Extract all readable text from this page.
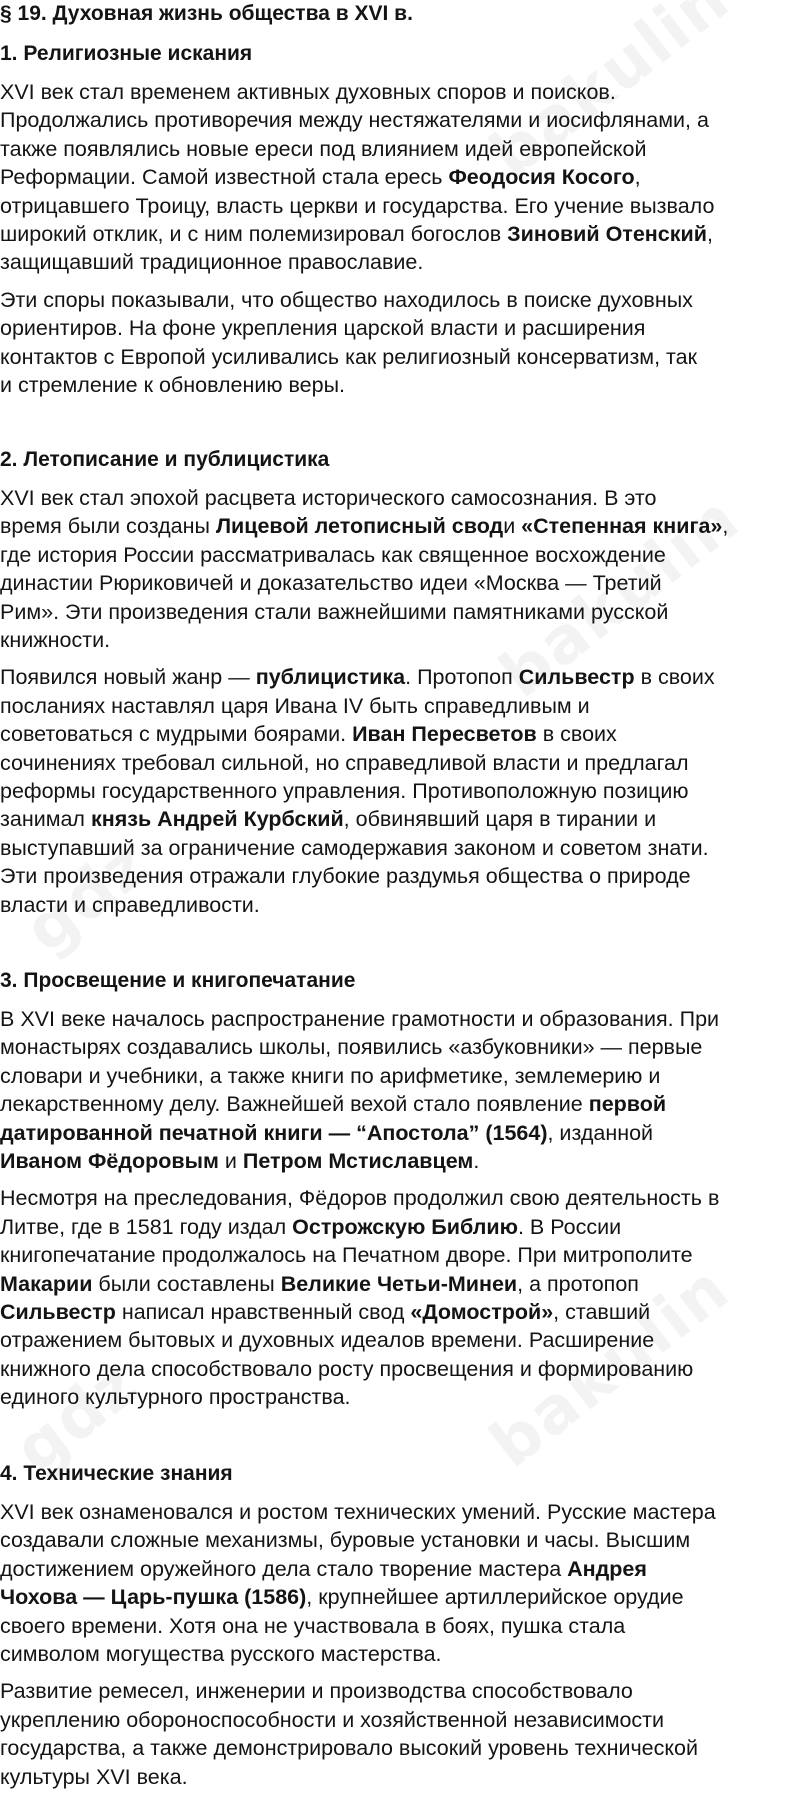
§ 19. Духовная жизнь общества в XVI в.
1. Религиозные искания

XVI век стал временем активных духовных споров и поисков.
Продолжались противоречия между нестяжателями и иосифлянами, а
также появлялись новые ереси под влиянием идей европейской
Реформации. Самой известной стала ересь Феодосия Косого,
отрицавшего Троицу, власть церкви и государства. Его учение вызвало
широкий отклик, и с ним полемизировал богослов Зиновий Отенский,
защищавший традиционное православие.

Эти споры показывали, что общество находилось в поиске духовных
ориентиров. На фоне укрепления царской власти и расширения
контактов с Европой усиливались как религиозный консерватизм, так
и стремление к обновлению веры.

2. Летописание и публицистика

XVI век стал эпохой расцвета исторического самосознания. В это
время были созданы Лицевой летописный своди «Степенная книга»,
где история России рассматривалась как священное восхождение
династии Рюриковичей и доказательство идеи «Москва — Третий
Рим». Эти произведения стали важнейшими памятниками русской
книжности.

Появился новый жанр — публицистика. Протопоп Сильвестр в своих
посланиях наставлял царя Ивана IV быть справедливым и
советоваться с мудрыми боярами. Иван Пересветов в своих
сочинениях требовал сильной, но справедливой власти и предлагал
реформы государственного управления. Противоположную позицию
занимал князь Андрей Курбский, обвинявший царя в тирании и
выступавший за ограничение самодержавия законом и советом знати.
Эти произведения отражали глубокие раздумья общества о природе
власти и справедливости.

3. Просвещение и книгопечатание

В XVI веке началось распространение грамотности и образования. При
монастырях создавались школы, появились «азбуковники» — первые
словари и учебники, а также книги по арифметике, землемерию и
лекарственному делу. Важнейшей вехой стало появление первой
датированной печатной книги — “Апостола” (1564), изданной
Иваном Фёдоровым и Петром Мстиславцем.

Несмотря на преследования, Фёдоров продолжил свою деятельность в
Литве, где в 1581 году издал Острожскую Библию. В России
книгопечатание продолжалось на Печатном дворе. При митрополите
Макарии были составлены Великие Четьи-Минеи, а протопоп
Сильвестр написал нравственный свод «Домострой», ставший
отражением бытовых и духовных идеалов времени. Расширение
книжного дела способствовало росту просвещения и формированию
единого культурного пространства.

4. Технические знания

XVI век ознаменовался и ростом технических умений. Русские мастера
создавали сложные механизмы, буровые установки и часы. Высшим
достижением оружейного дела стало творение мастера Андрея
Чохова — Царь-пушка (1586), крупнейшее артиллерийское орудие
своего времени. Хотя она не участвовала в боях, пушка стала
символом могущества русского мастерства.

Развитие ремесел, инженерии и производства способствовало
укреплению обороноспособности и хозяйственной независимости
государства, а также демонстрировало высокий уровень технической
культуры XVI века.
